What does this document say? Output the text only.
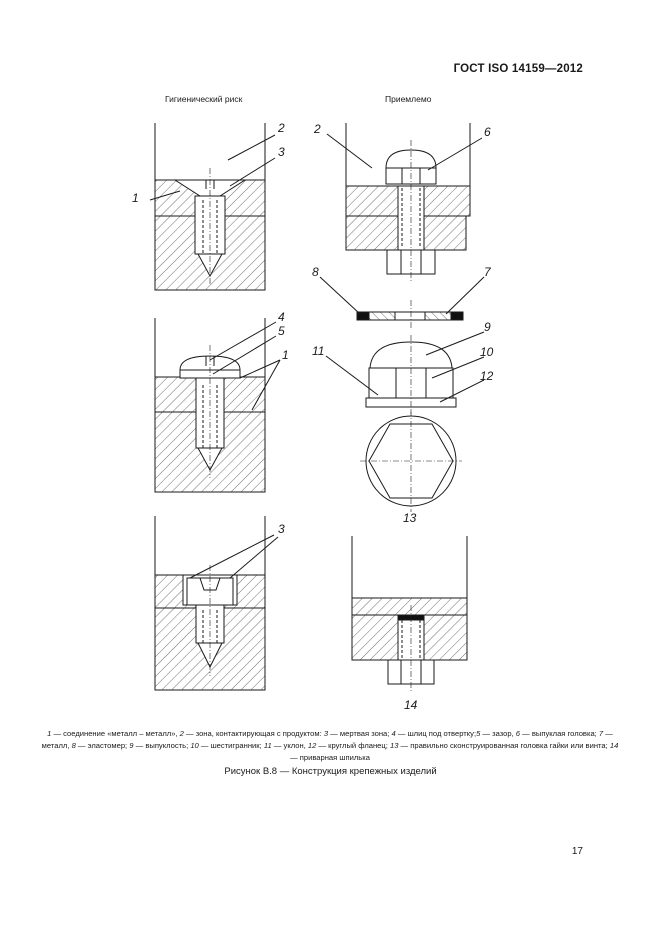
ГОСТ ISO 14159—2012
Гигиенический риск	Приемлемо
1
2
3
4
5
1
3
2	6
8	7
11
9
10
12
13
14
1 — соединение «металл – металл», 2 — зона, контактирующая с продуктом: 3 — мертвая зона; 4 — шлиц под отвертку;5 — зазор, 6 — выпуклая головка; 7 — металл, 8 — эластомер; 9 — выпуклость; 10 — шестигранник; 11 — уклон, 12 — круглый фланец; 13 — правильно сконструированная головка гайки или винта; 14 — приварная шпилька
Рисунок В.8 — Конструкция крепежных изделий
17
